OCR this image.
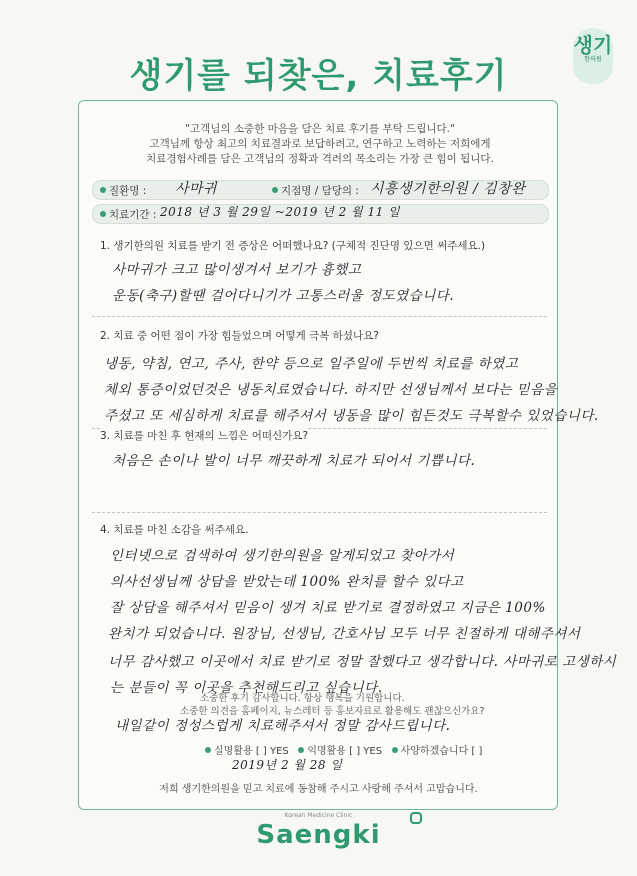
생기를 되찾은, 치료후기
생기
한의원
"고객님의 소중한 마음을 담은 치료 후기를 부탁 드립니다."
고객님께 항상 최고의 치료결과로 보답하려고, 연구하고 노력하는 저희에게
치료경험사례를 담은 고객님의 정확과 격려의 목소리는 가장 큰 힘이 됩니다.
질환명 : 사마귀	지점명 / 담당의 : 시흥생기한의원 / 김창완
치료기간 : 2018 년 3 월 29일 ~2019 년 2 월 11 일
1. 생기한의원 치료를 받기 전 증상은 어떠했나요? (구체적 진단명 있으면 써주세요.)
사마귀가 크고 많이생겨서 보기가 흉했고
운동(축구)할땐 걸어다니기가 고통스러울 정도였습니다.
2. 치료 중 어떤 점이 가장 힘들었으며 어떻게 극복 하셨나요?
냉동, 약침, 연고, 주사, 한약 등으로 일주일에 두번씩 치료를 하였고
체외 통증이었던것은 냉동치료였습니다. 하지만 선생님께서 보다는 믿음을
주셨고 또 세심하게 치료를 해주셔서 냉동을 많이 힘든것도 극복할수 있었습니다.
3. 치료를 마친 후 현재의 느낌은 어떠신가요?
처음은 손이나 발이 너무 깨끗하게 치료가 되어서 기쁩니다.
4. 치료를 마친 소감을 써주세요.
인터넷으로 검색하여 생기한의원을 알게되었고 찾아가서
의사선생님께 상담을 받았는데 100% 완치를 할수 있다고
잘 상담을 해주셔서 믿음이 생겨 치료 받기로 결정하였고 지금은 100%
완치가 되었습니다. 원장님, 선생님, 간호사님 모두 너무 친절하게 대해주셔서
너무 감사했고 이곳에서 치료 받기로 정말 잘했다고 생각합니다. 사마귀로 고생하시
는 분들이 꼭 이곳을 추천해드리고 싶습니다.
소중한 후기 감사합니다. 항상 행복을 기원합니다.
소중한 의견을 홈페이지, 뉴스레터 등 홍보자료로 활용해도 괜찮으신가요?
내일같이 정성스럽게 치료해주셔서 정말 감사드립니다.
실명활용 [ ] YES 익명활용 [ ] YES 사양하겠습니다 [ ]
2019년 2 월 28 일
저희 생기한의원을 믿고 치료에 동참해 주시고 사랑해 주셔서 고맙습니다.
Korean Medicine Clinic
Saengki
